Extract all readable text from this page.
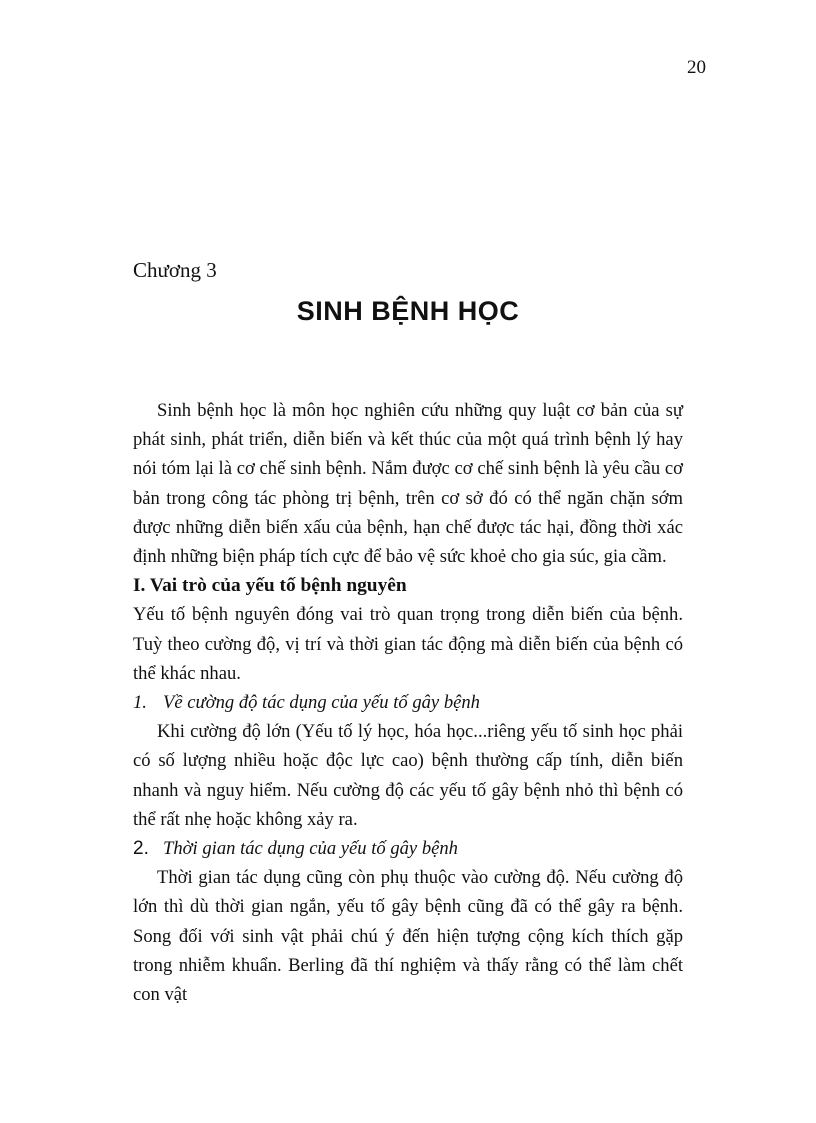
20
Chương 3
SINH BỆNH HỌC

Sinh bệnh học là môn học nghiên cứu những quy luật cơ bản của sự phát sinh, phát triển, diễn biến và kết thúc của một quá trình bệnh lý hay nói tóm lại là cơ chế sinh bệnh. Nắm được cơ chế sinh bệnh là yêu cầu cơ bản trong công tác phòng trị bệnh, trên cơ sở đó có thể ngăn chặn sớm được những diễn biến xấu của bệnh, hạn chế được tác hại, đồng thời xác định những biện pháp tích cực để bảo vệ sức khoẻ cho gia súc, gia cầm.

I. Vai trò của yếu tố bệnh nguyên

Yếu tố bệnh nguyên đóng vai trò quan trọng trong diễn biến của bệnh. Tuỳ theo cường độ, vị trí và thời gian tác động mà diễn biến của bệnh có thể khác nhau.

1. Về cường độ tác dụng của yếu tố gây bệnh

Khi cường độ lớn (Yếu tố lý học, hóa học...riêng yếu tố sinh học phải có số lượng nhiều hoặc độc lực cao) bệnh thường cấp tính, diễn biến nhanh và nguy hiểm. Nếu cường độ các yếu tố gây bệnh nhỏ thì bệnh có thể rất nhẹ hoặc không xảy ra.

2. Thời gian tác dụng của yếu tố gây bệnh

Thời gian tác dụng cũng còn phụ thuộc vào cường độ. Nếu cường độ lớn thì dù thời gian ngắn, yếu tố gây bệnh cũng đã có thể gây ra bệnh. Song đối với sinh vật phải chú ý đến hiện tượng cộng kích thích gặp trong nhiễm khuẩn. Berling đã thí nghiệm và thấy rằng có thể làm chết con vật
